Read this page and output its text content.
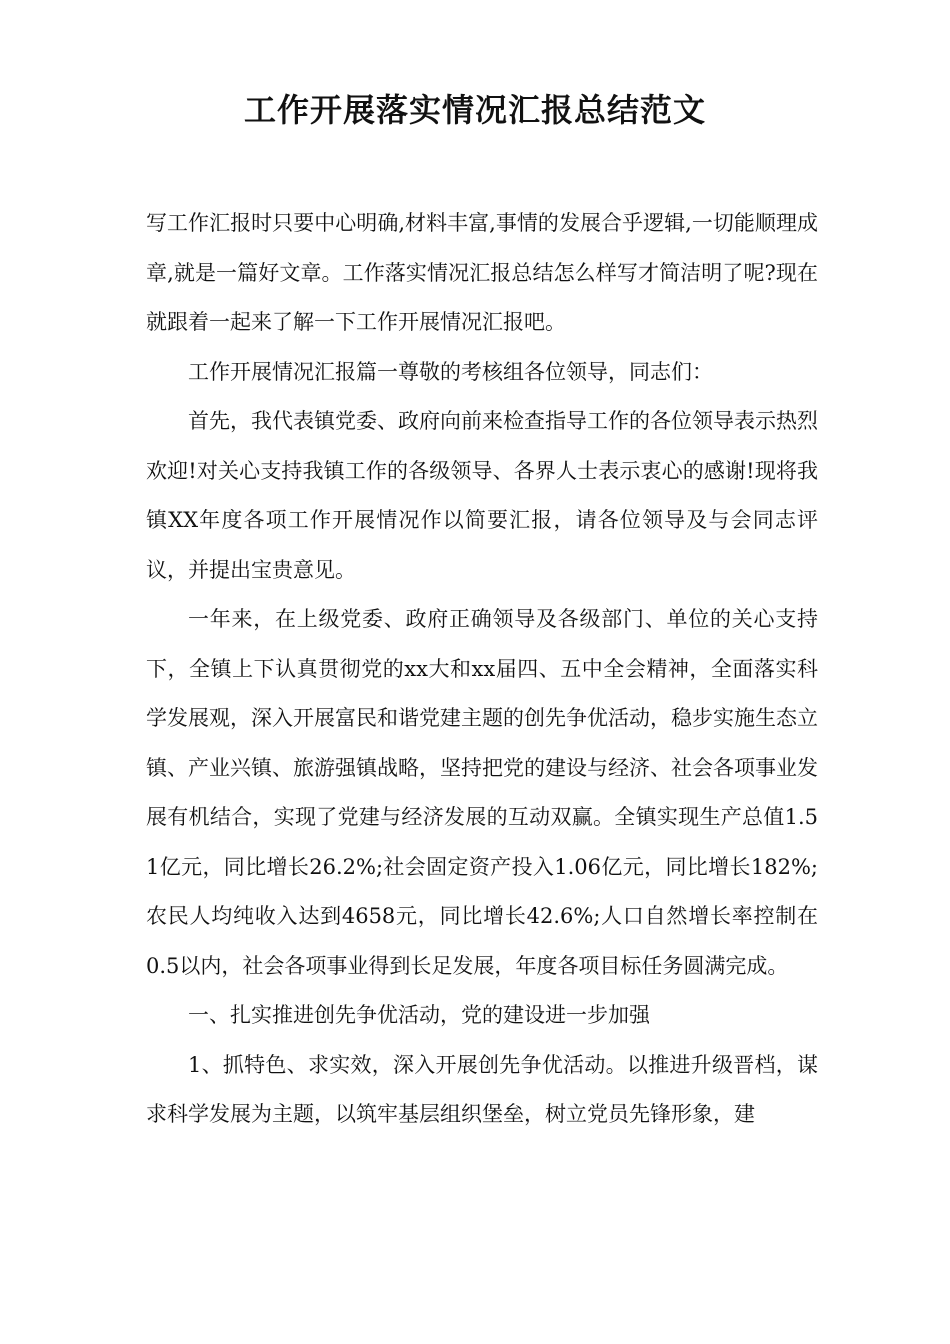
工作开展落实情况汇报总结范文

写工作汇报时只要中心明确,材料丰富,事情的发展合乎逻辑,一切能顺理成章,就是一篇好文章。工作落实情况汇报总结怎么样写才简洁明了呢?现在就跟着一起来了解一下工作开展情况汇报吧。

工作开展情况汇报篇一尊敬的考核组各位领导，同志们：

首先，我代表镇党委、政府向前来检查指导工作的各位领导表示热烈欢迎!对关心支持我镇工作的各级领导、各界人士表示衷心的感谢!现将我镇XX年度各项工作开展情况作以简要汇报，请各位领导及与会同志评议，并提出宝贵意见。

一年来，在上级党委、政府正确领导及各级部门、单位的关心支持下，全镇上下认真贯彻党的xx大和xx届四、五中全会精神，全面落实科学发展观，深入开展富民和谐党建主题的创先争优活动，稳步实施生态立镇、产业兴镇、旅游强镇战略，坚持把党的建设与经济、社会各项事业发展有机结合，实现了党建与经济发展的互动双赢。全镇实现生产总值1.51亿元，同比增长26.2%;社会固定资产投入1.06亿元，同比增长182%;农民人均纯收入达到4658元，同比增长42.6%;人口自然增长率控制在0.5以内，社会各项事业得到长足发展，年度各项目标任务圆满完成。

一、扎实推进创先争优活动，党的建设进一步加强

1、抓特色、求实效，深入开展创先争优活动。以推进升级晋档，谋求科学发展为主题，以筑牢基层组织堡垒，树立党员先锋形象，建
